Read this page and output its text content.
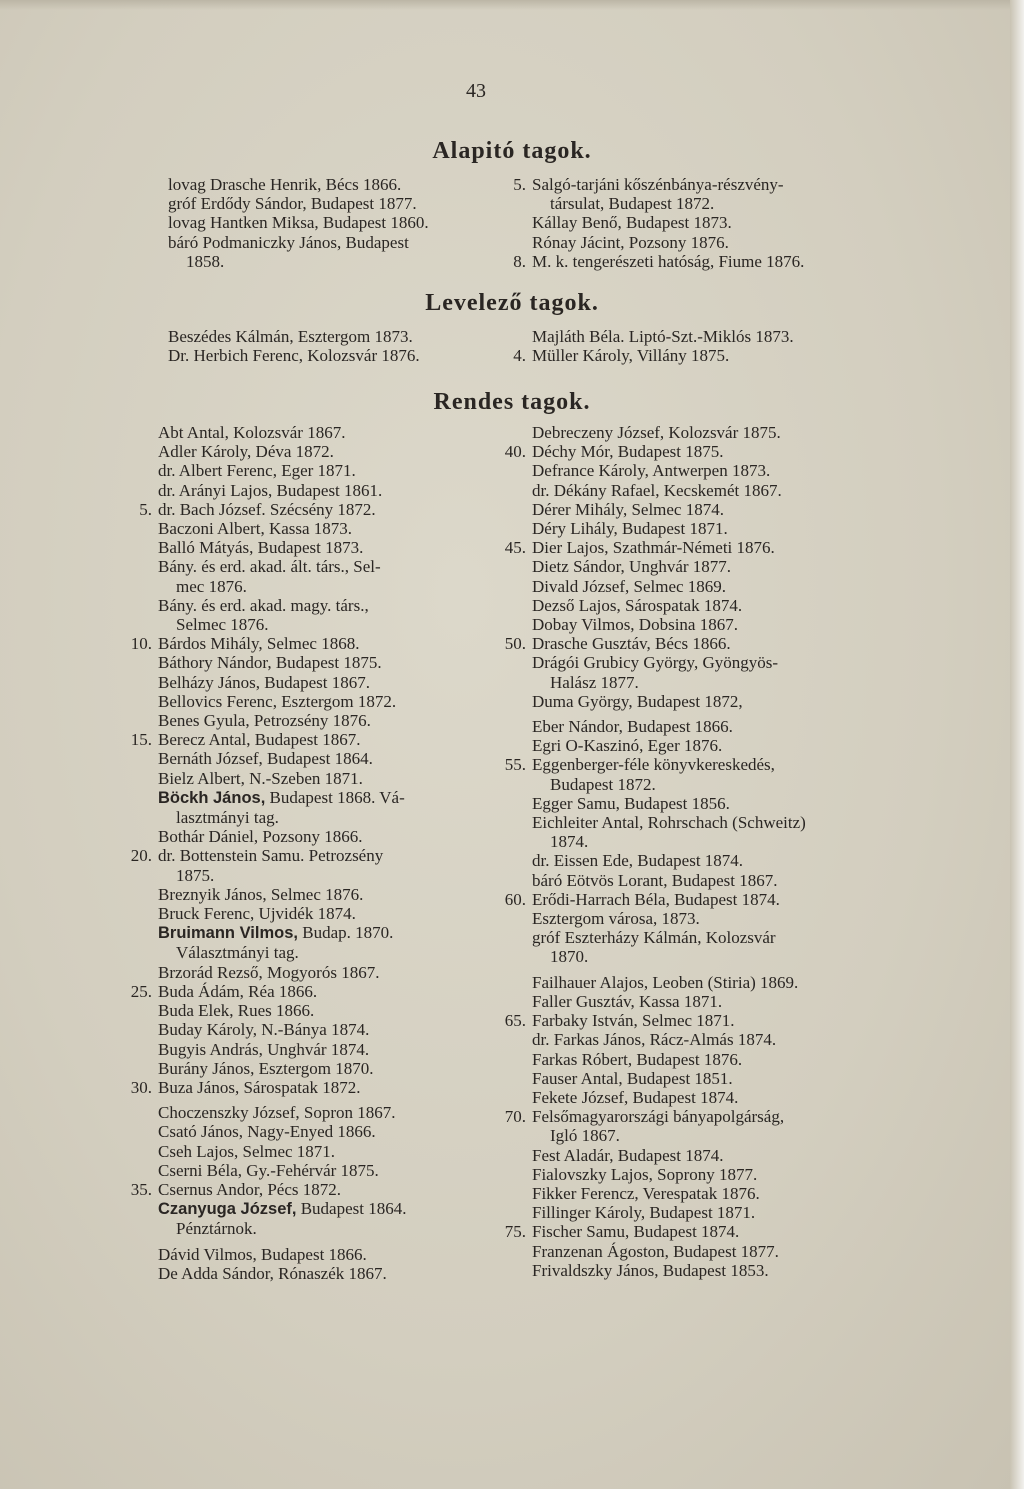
43
Alapitó tagok.
lovag Drasche Henrik, Bécs 1866.
gróf Erdődy Sándor, Budapest 1877.
lovag Hantken Miksa, Budapest 1860.
báró Podmaniczky János, Budapest
1858.
5. Salgó-tarjáni kőszénbánya-részvény-
társulat, Budapest 1872.
Kállay Benő, Budapest 1873.
Rónay Jácint, Pozsony 1876.
8. M. k. tengerészeti hatóság, Fiume 1876.
Levelező tagok.
Beszédes Kálmán, Esztergom 1873.
Dr. Herbich Ferenc, Kolozsvár 1876.
Majláth Béla. Liptó-Szt.-Miklós 1873.
4. Müller Károly, Villány 1875.
Rendes tagok.
Abt Antal, Kolozsvár 1867.
Adler Károly, Déva 1872.
dr. Albert Ferenc, Eger 1871.
dr. Arányi Lajos, Budapest 1861.
5. dr. Bach József. Szécsény 1872.
Baczoni Albert, Kassa 1873.
Balló Mátyás, Budapest 1873.
Bány. és erd. akad. ált. társ., Sel-
mec 1876.
Bány. és erd. akad. magy. társ.,
Selmec 1876.
10. Bárdos Mihály, Selmec 1868.
Báthory Nándor, Budapest 1875.
Belházy János, Budapest 1867.
Bellovics Ferenc, Esztergom 1872.
Benes Gyula, Petrozsény 1876.
15. Berecz Antal, Budapest 1867.
Bernáth József, Budapest 1864.
Bielz Albert, N.-Szeben 1871.
Böckh János, Budapest 1868. Vá-
lasztmányi tag.
Bothár Dániel, Pozsony 1866.
20. dr. Bottenstein Samu. Petrozsény
1875.
Breznyik János, Selmec 1876.
Bruck Ferenc, Ujvidék 1874.
Bruimann Vilmos, Budap. 1870.
Választmányi tag.
Brzorád Rezső, Mogyorós 1867.
25. Buda Ádám, Réa 1866.
Buda Elek, Rues 1866.
Buday Károly, N.-Bánya 1874.
Bugyis András, Unghvár 1874.
Burány János, Esztergom 1870.
30. Buza János, Sárospatak 1872.
Choczenszky József, Sopron 1867.
Csató János, Nagy-Enyed 1866.
Cseh Lajos, Selmec 1871.
Cserni Béla, Gy.-Fehérvár 1875.
35. Csernus Andor, Pécs 1872.
Czanyuga József, Budapest 1864.
Pénztárnok.
Dávid Vilmos, Budapest 1866.
De Adda Sándor, Rónaszék 1867.
Debreczeny József, Kolozsvár 1875.
40. Déchy Mór, Budapest 1875.
Defrance Károly, Antwerpen 1873.
dr. Dékány Rafael, Kecskemét 1867.
Dérer Mihály, Selmec 1874.
Déry Lihály, Budapest 1871.
45. Dier Lajos, Szathmár-Németi 1876.
Dietz Sándor, Unghvár 1877.
Divald József, Selmec 1869.
Dezső Lajos, Sárospatak 1874.
Dobay Vilmos, Dobsina 1867.
50. Drasche Gusztáv, Bécs 1866.
Drágói Grubicy György, Gyöngyös-
Halász 1877.
Duma György, Budapest 1872,
Eber Nándor, Budapest 1866.
Egri O-Kaszinó, Eger 1876.
55. Eggenberger-féle könyvkereskedés,
Budapest 1872.
Egger Samu, Budapest 1856.
Eichleiter Antal, Rohrschach (Schweitz)
1874.
dr. Eissen Ede, Budapest 1874.
báró Eötvös Lorant, Budapest 1867.
60. Erődi-Harrach Béla, Budapest 1874.
Esztergom városa, 1873.
gróf Eszterházy Kálmán, Kolozsvár
1870.
Failhauer Alajos, Leoben (Stiria) 1869.
Faller Gusztáv, Kassa 1871.
65. Farbaky István, Selmec 1871.
dr. Farkas János, Rácz-Almás 1874.
Farkas Róbert, Budapest 1876.
Fauser Antal, Budapest 1851.
Fekete József, Budapest 1874.
70. Felsőmagyarországi bányapolgárság,
Igló 1867.
Fest Aladár, Budapest 1874.
Fialovszky Lajos, Soprony 1877.
Fikker Ferencz, Verespatak 1876.
Fillinger Károly, Budapest 1871.
75. Fischer Samu, Budapest 1874.
Franzenan Ágoston, Budapest 1877.
Frivaldszky János, Budapest 1853.
